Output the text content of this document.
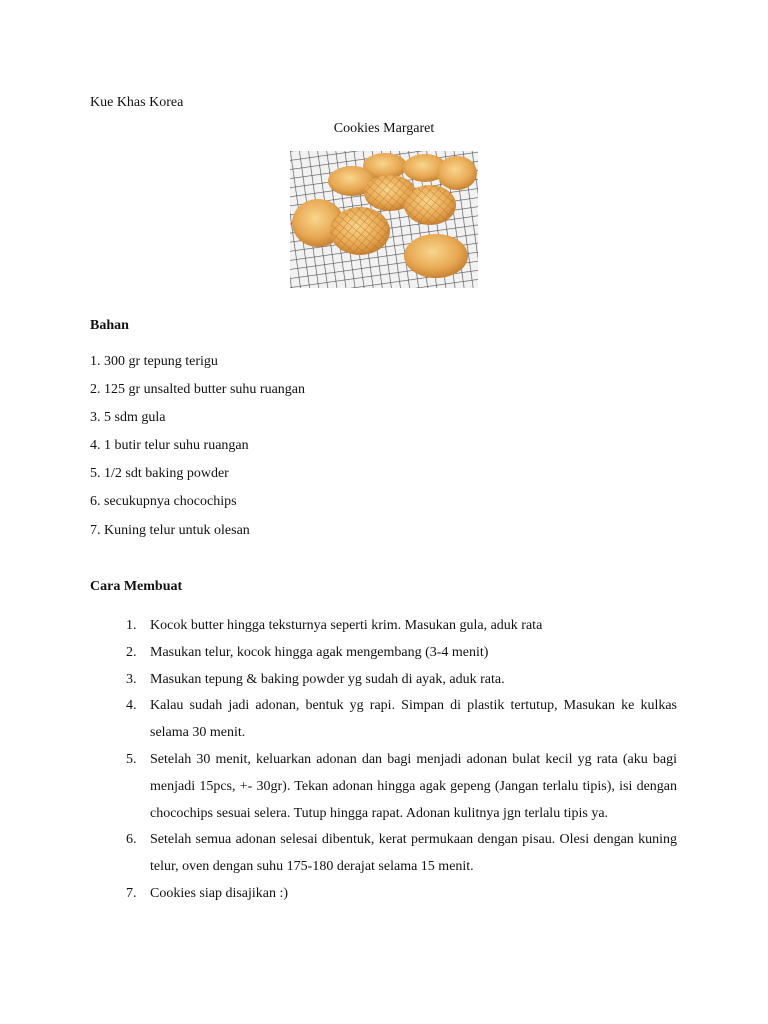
Kue Khas Korea
Cookies Margaret
Bahan
1. 300 gr tepung terigu
2. 125 gr unsalted butter suhu ruangan
3. 5 sdm gula
4. 1 butir telur suhu ruangan
5. 1/2 sdt baking powder
6. secukupnya chocochips
7. Kuning telur untuk olesan
Cara Membuat
1. Kocok butter hingga teksturnya seperti krim. Masukan gula, aduk rata
2. Masukan telur, kocok hingga agak mengembang (3-4 menit)
3. Masukan tepung & baking powder yg sudah di ayak, aduk rata.
4. Kalau sudah jadi adonan, bentuk yg rapi. Simpan di plastik tertutup, Masukan ke kulkas selama 30 menit.
5. Setelah 30 menit, keluarkan adonan dan bagi menjadi adonan bulat kecil yg rata (aku bagi menjadi 15pcs, +- 30gr). Tekan adonan hingga agak gepeng (Jangan terlalu tipis), isi dengan chocochips sesuai selera. Tutup hingga rapat. Adonan kulitnya jgn terlalu tipis ya.
6. Setelah semua adonan selesai dibentuk, kerat permukaan dengan pisau. Olesi dengan kuning telur, oven dengan suhu 175-180 derajat selama 15 menit.
7. Cookies siap disajikan :)
